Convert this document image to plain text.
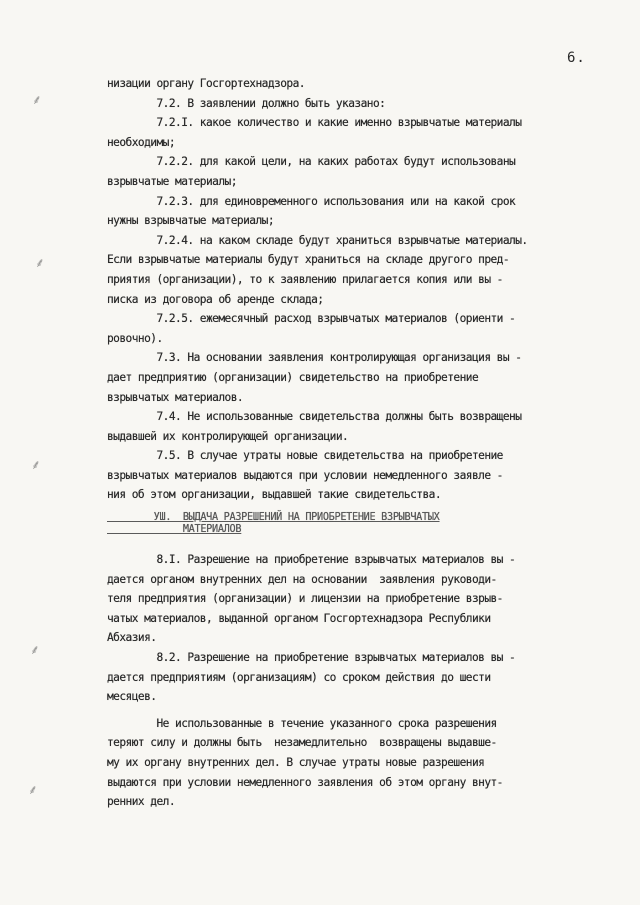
6.
⸙
⸙
⸙
⸙
⸙
низации органу Госгортехнадзора.
7.2. В заявлении должно быть указано:
7.2.I. какое количество и какие именно взрывчатые материалы
необходимы;
7.2.2. для какой цели, на каких работах будут использованы
взрывчатые материалы;
7.2.3. для единовременного использования или на какой срок
нужны взрывчатые материалы;
7.2.4. на каком складе будут храниться взрывчатые материалы.
Если взрывчатые материалы будут храниться на складе другого пред-
приятия (организации), то к заявлению прилагается копия или вы -
писка из договора об аренде склада;
7.2.5. ежемесячный расход взрывчатых материалов (ориенти -
ровочно).
7.3. На основании заявления контролирующая организация вы -
дает предприятию (организации) свидетельство на приобретение
взрывчатых материалов.
7.4. Не использованные свидетельства должны быть возвращены
выдавшей их контролирующей организации.
7.5. В случае утраты новые свидетельства на приобретение
взрывчатых материалов выдаются при условии немедленного заявле -
ния об этом организации, выдавшей такие свидетельства.
УШ.  ВЫДАЧА РАЗРЕШЕНИЙ НА ПРИОБРЕТЕНИЕ ВЗРЫВЧАТЫХ
МАТЕРИАЛОВ
8.I. Разрешение на приобретение взрывчатых материалов вы -
дается органом внутренних дел на основании  заявления руководи-
теля предприятия (организации) и лицензии на приобретение взрыв-
чатых материалов, выданной органом Госгортехнадзора Республики
Абхазия.
8.2. Разрешение на приобретение взрывчатых материалов вы -
дается предприятиям (организациям) со сроком действия до шести
месяцев.
Не использованные в течение указанного срока разрешения
теряют силу и должны быть  незамедлительно  возвращены выдавше-
му их органу внутренних дел. В случае утраты новые разрешения
выдаются при условии немедленного заявления об этом органу внут-
ренних дел.
